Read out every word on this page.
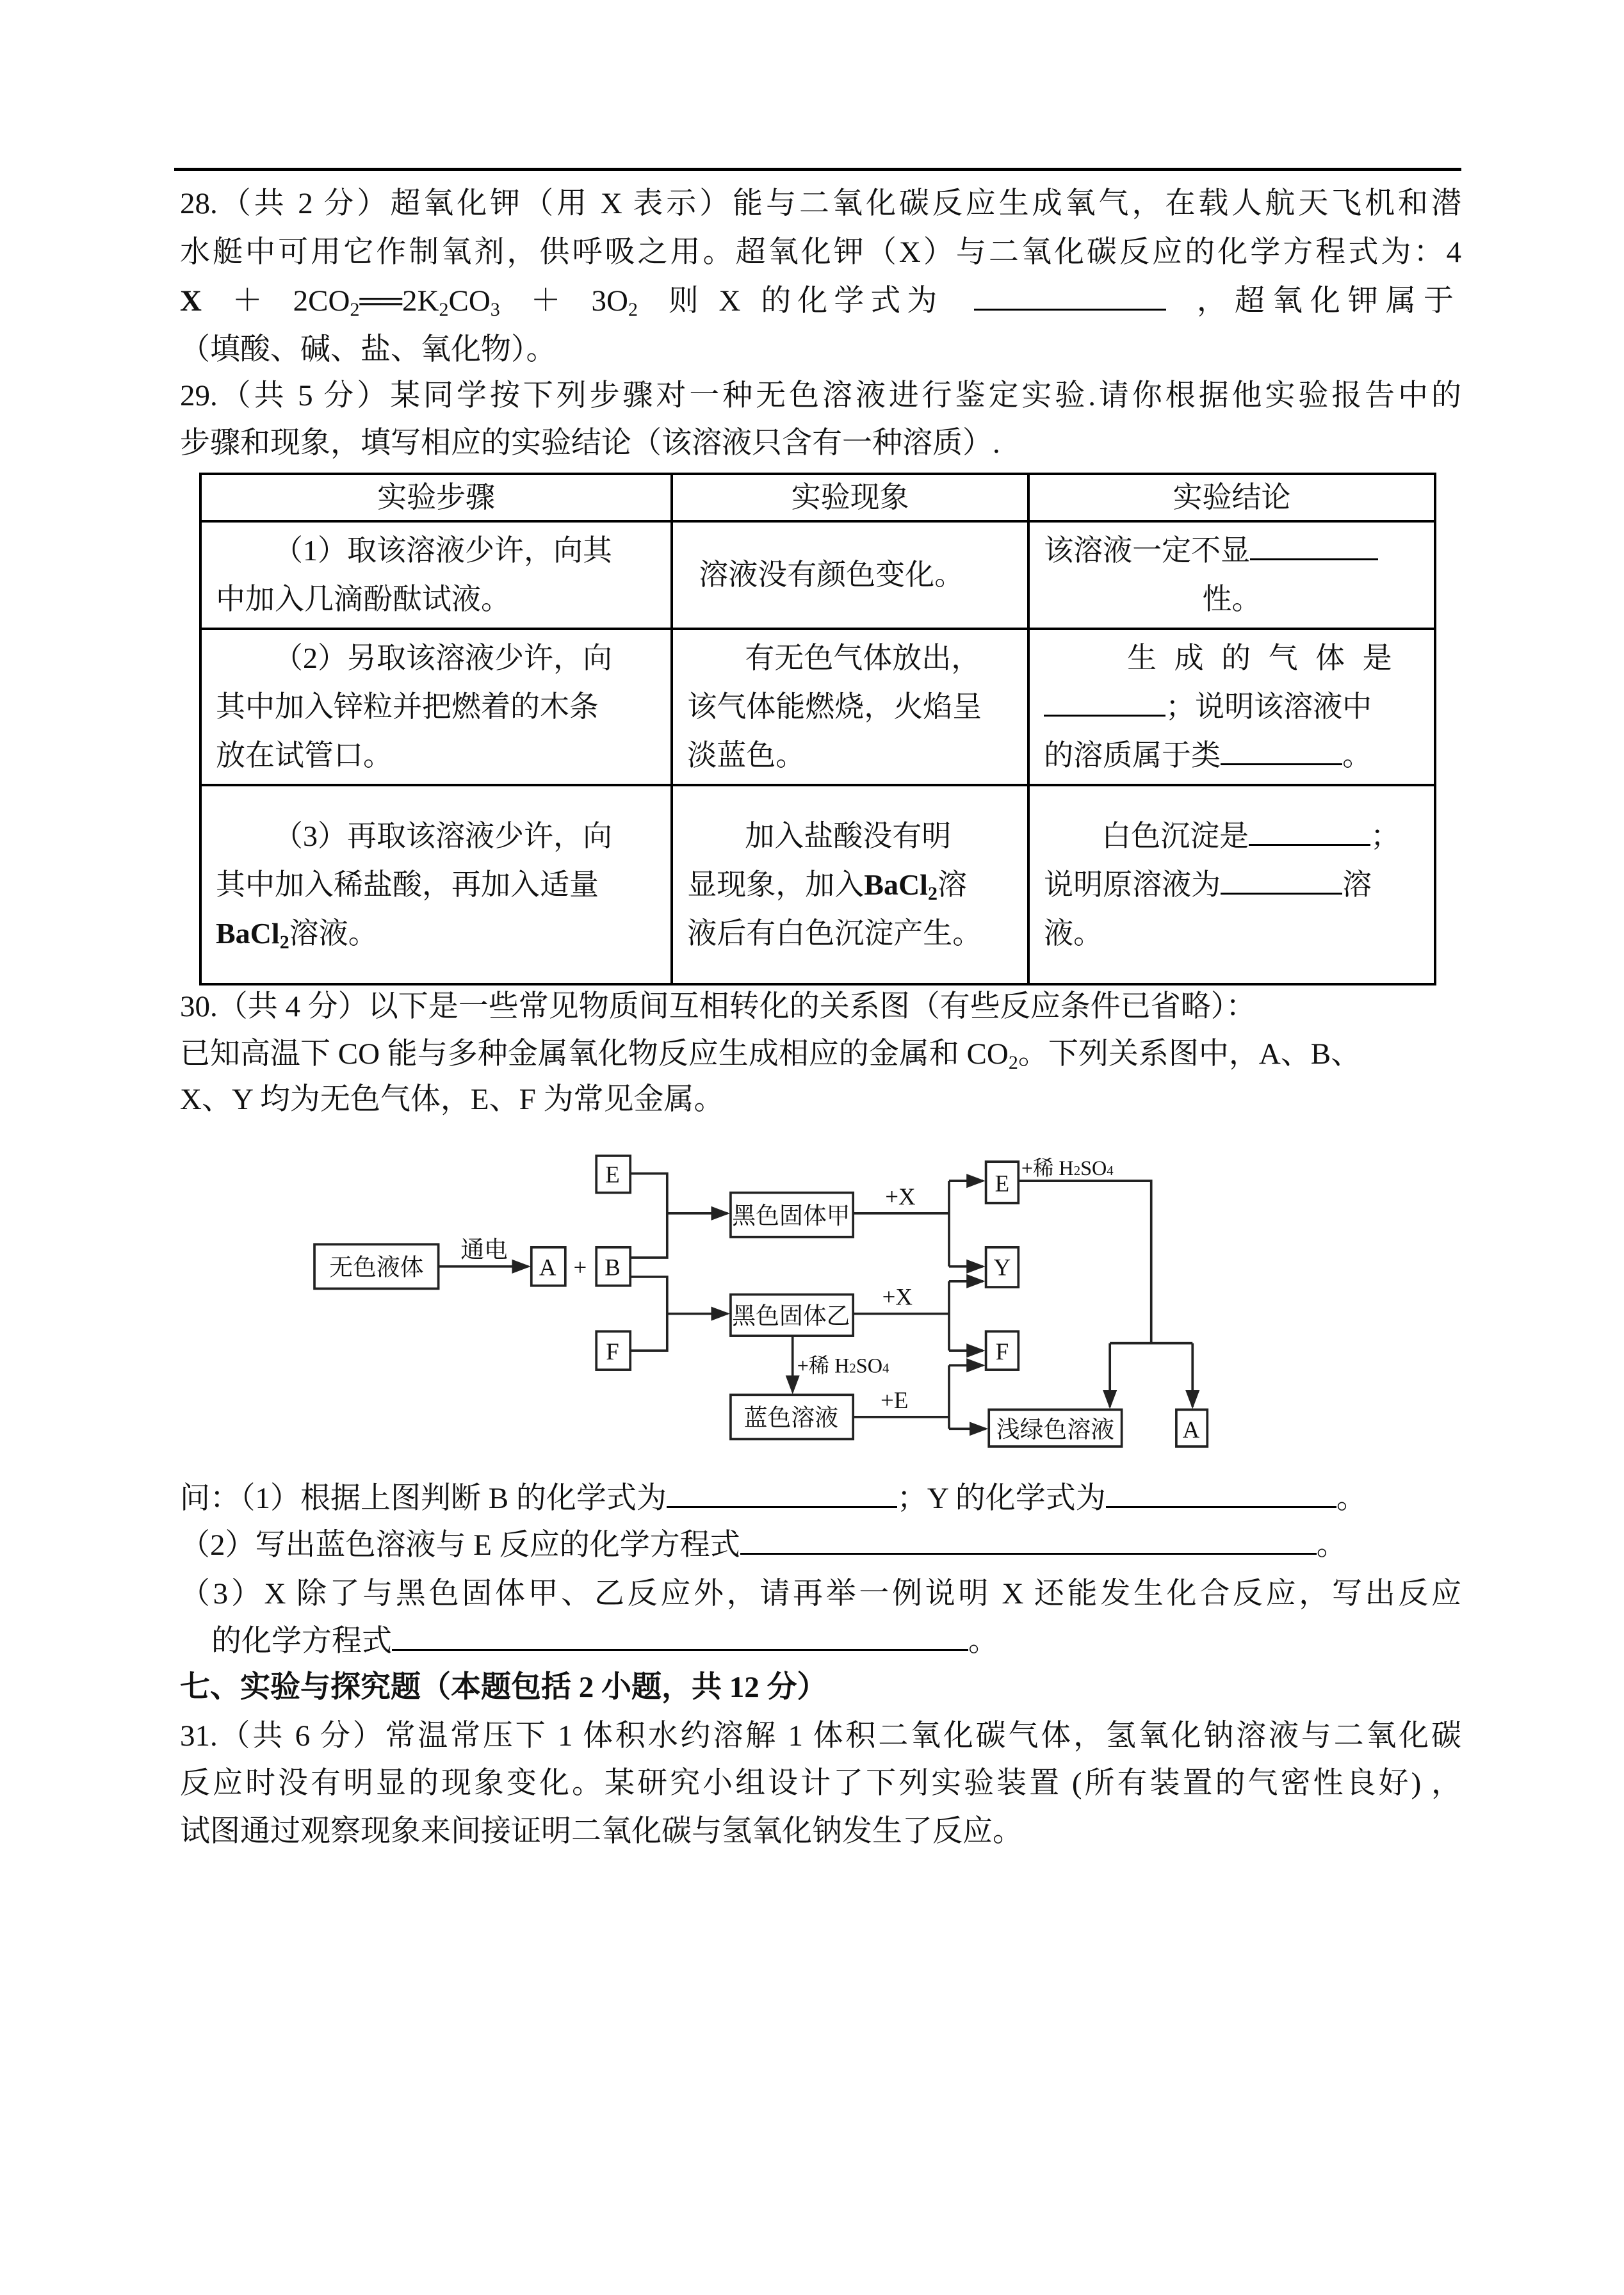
28.（共 2 分）超氧化钾（用 X 表示）能与二氧化碳反应生成氧气，在载人航天飞机和潜
水艇中可用它作制氧剂，供呼吸之用。超氧化钾（X）与二氧化碳反应的化学方程式为：4
$X + 2CO_2══2K_2CO_3 + 3O_2$ 则 X 的化学式为	，超氧化钾属于
（填酸、碱、盐、氧化物）。
29.（共 5 分）某同学按下列步骤对一种无色溶液进行鉴定实验.请你根据他实验报告中的
步骤和现象，填写相应的实验结论（该溶液只含有一种溶质）.
实验步骤	实验现象	实验结论

（1）取该溶液少许，向其
中加入几滴酚酞试液。	溶液没有颜色变化。	该溶液一定不显
性。

（2）另取该溶液少许，向
其中加入锌粒并把燃着的木条
放在试管口。	有无色气体放出，
该气体能燃烧，火焰呈
淡蓝色。	生 成 的 气 体 是
；说明该溶液中
的溶质属于类 。

（3）再取该溶液少许，向
其中加入稀盐酸，再加入适量
BaCl$_2$溶液。	加入盐酸没有明
显现象，加入BaCl$_2$溶
液后有白色沉淀产生。	白色沉淀是 ；
说明原溶液为 溶
液。
30.（共 4 分）以下是一些常见物质间互相转化的关系图（有些反应条件已省略）：
已知高温下 CO 能与多种金属氧化物反应生成相应的金属和 $CO_2$。下列关系图中，A、B、
X、Y 均为无色气体，E、F 为常见金属。
无色液体
通电
A + B
E
F
黑色固体甲
黑色固体乙
蓝色溶液
+X
+X
+E
E
Y
F
浅绿色溶液	A
+稀 H2SO4
+稀 H2SO4
问：（1）根据上图判断 B 的化学式为	；Y 的化学式为	。
（2）写出蓝色溶液与 E 反应的化学方程式	。
（3）X 除了与黑色固体甲、乙反应外，请再举一例说明 X 还能发生化合反应，写出反应
的化学方程式	。
七、实验与探究题（本题包括 2 小题，共 12 分）
31.（共 6 分）常温常压下 1 体积水约溶解 1 体积二氧化碳气体，氢氧化钠溶液与二氧化碳
反应时没有明显的现象变化。某研究小组设计了下列实验装置 (所有装置的气密性良好) ，
试图通过观察现象来间接证明二氧化碳与氢氧化钠发生了反应。
